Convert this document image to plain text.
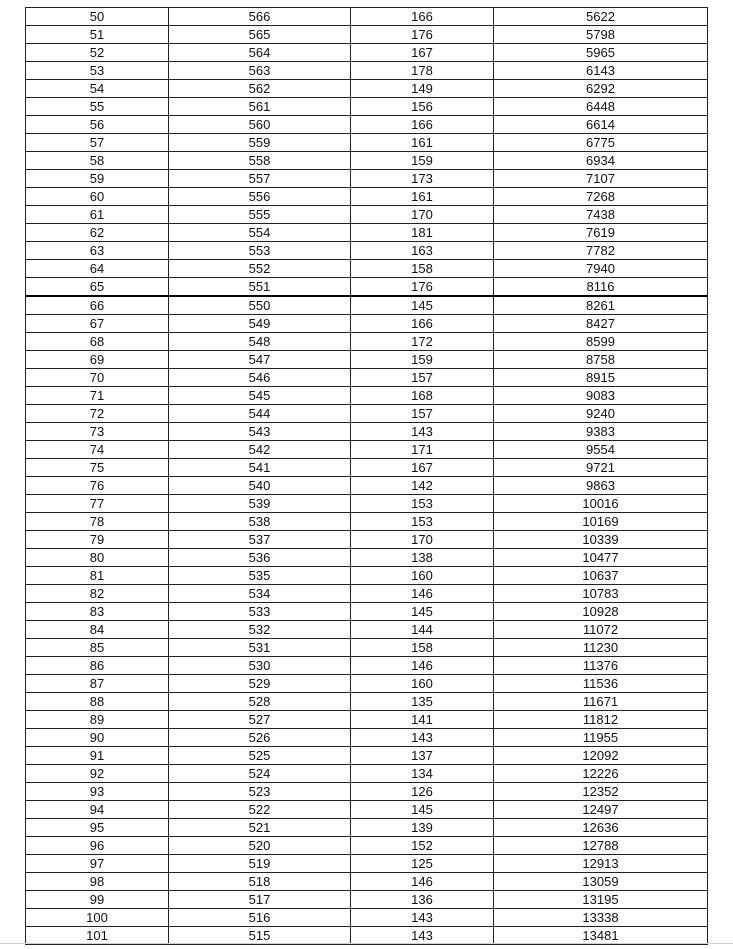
50	566	166	5622
51	565	176	5798
52	564	167	5965
53	563	178	6143
54	562	149	6292
55	561	156	6448
56	560	166	6614
57	559	161	6775
58	558	159	6934
59	557	173	7107
60	556	161	7268
61	555	170	7438
62	554	181	7619
63	553	163	7782
64	552	158	7940
65	551	176	8116
66	550	145	8261
67	549	166	8427
68	548	172	8599
69	547	159	8758
70	546	157	8915
71	545	168	9083
72	544	157	9240
73	543	143	9383
74	542	171	9554
75	541	167	9721
76	540	142	9863
77	539	153	10016
78	538	153	10169
79	537	170	10339
80	536	138	10477
81	535	160	10637
82	534	146	10783
83	533	145	10928
84	532	144	11072
85	531	158	11230
86	530	146	11376
87	529	160	11536
88	528	135	11671
89	527	141	11812
90	526	143	11955
91	525	137	12092
92	524	134	12226
93	523	126	12352
94	522	145	12497
95	521	139	12636
96	520	152	12788
97	519	125	12913
98	518	146	13059
99	517	136	13195
100	516	143	13338
101	515	143	13481
